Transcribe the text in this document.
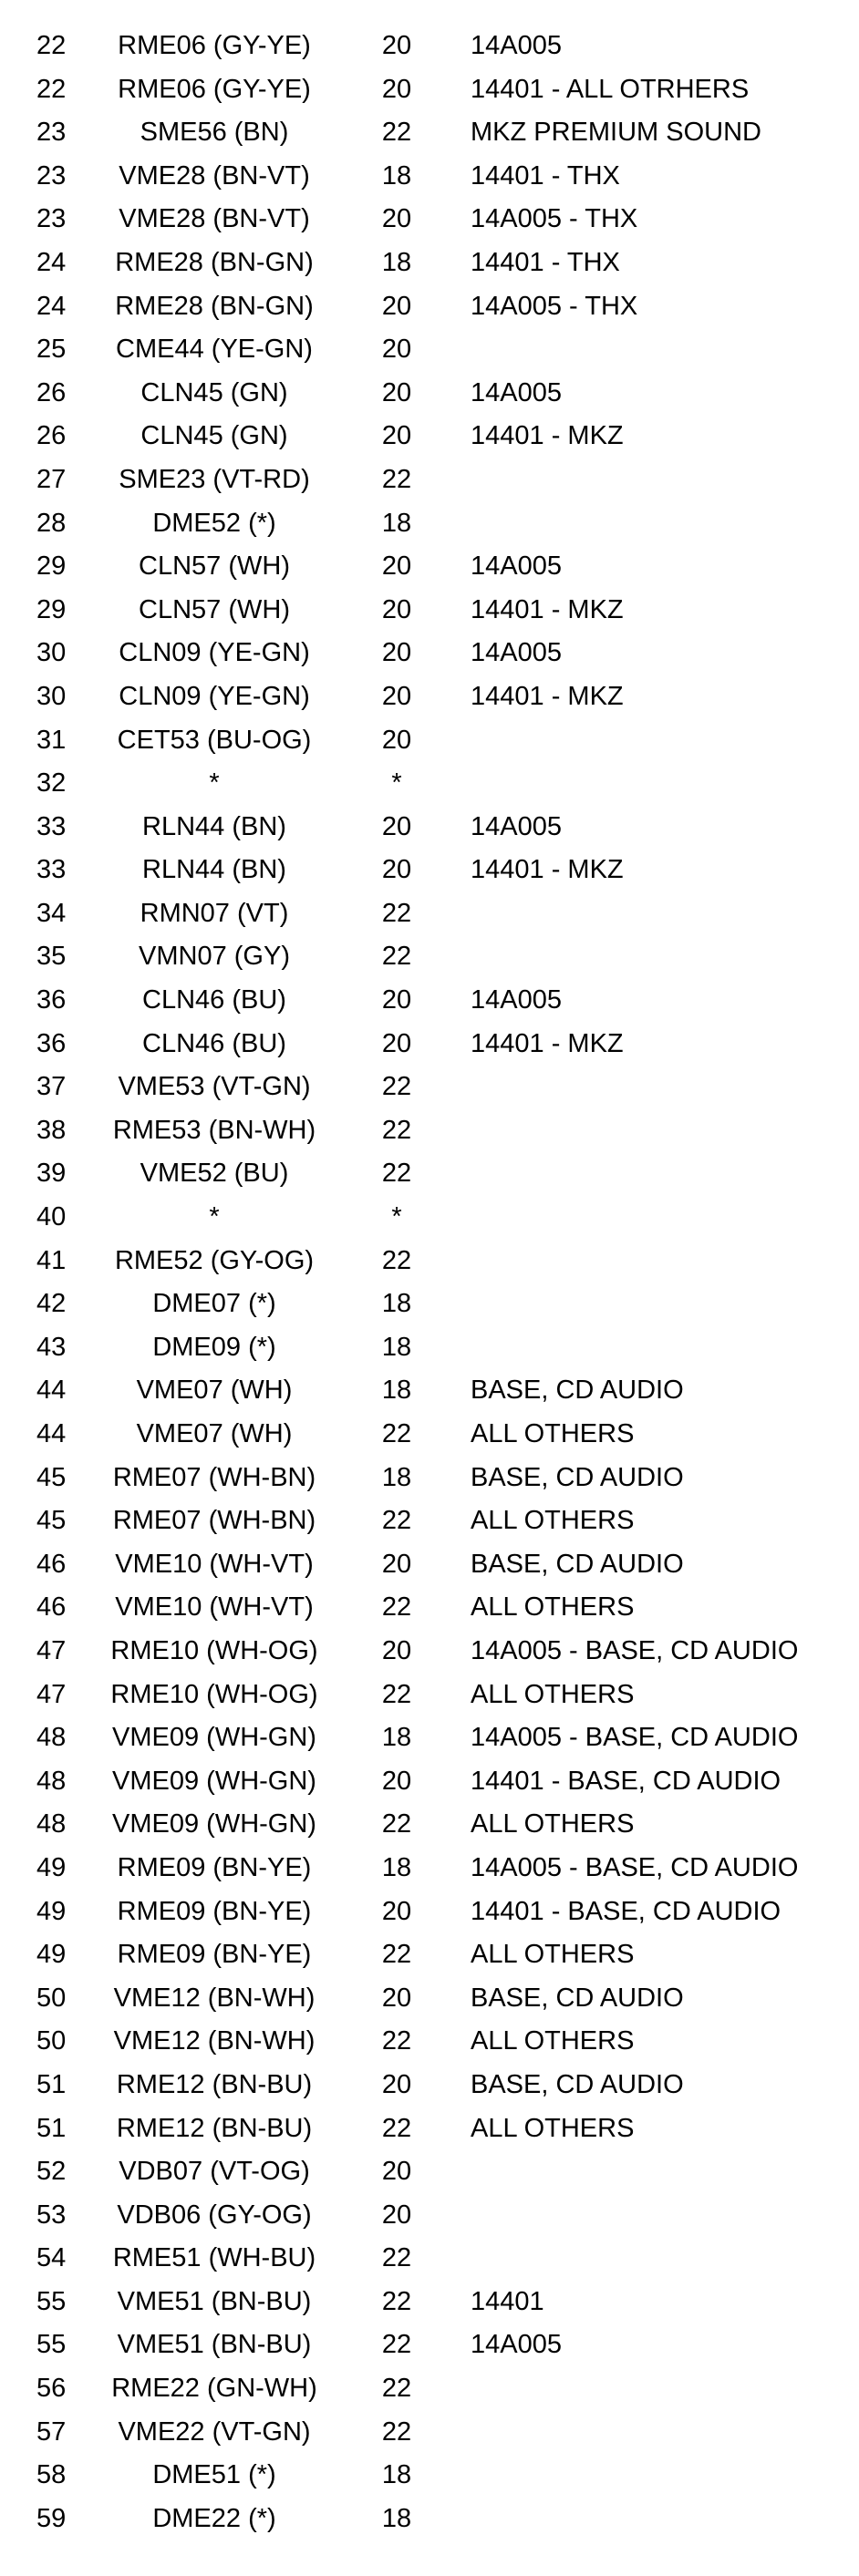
22	RME06 (GY-YE)	20	14A005
22	RME06 (GY-YE)	20	14401 - ALL OTRHERS
23	SME56 (BN)	22	MKZ PREMIUM SOUND
23	VME28 (BN-VT)	18	14401 - THX
23	VME28 (BN-VT)	20	14A005 - THX
24	RME28 (BN-GN)	18	14401 - THX
24	RME28 (BN-GN)	20	14A005 - THX
25	CME44 (YE-GN)	20
26	CLN45 (GN)	20	14A005
26	CLN45 (GN)	20	14401 - MKZ
27	SME23 (VT-RD)	22
28	DME52 (*)	18
29	CLN57 (WH)	20	14A005
29	CLN57 (WH)	20	14401 - MKZ
30	CLN09 (YE-GN)	20	14A005
30	CLN09 (YE-GN)	20	14401 - MKZ
31	CET53 (BU-OG)	20
32	*	*
33	RLN44 (BN)	20	14A005
33	RLN44 (BN)	20	14401 - MKZ
34	RMN07 (VT)	22
35	VMN07 (GY)	22
36	CLN46 (BU)	20	14A005
36	CLN46 (BU)	20	14401 - MKZ
37	VME53 (VT-GN)	22
38	RME53 (BN-WH)	22
39	VME52 (BU)	22
40	*	*
41	RME52 (GY-OG)	22
42	DME07 (*)	18
43	DME09 (*)	18
44	VME07 (WH)	18	BASE, CD AUDIO
44	VME07 (WH)	22	ALL OTHERS
45	RME07 (WH-BN)	18	BASE, CD AUDIO
45	RME07 (WH-BN)	22	ALL OTHERS
46	VME10 (WH-VT)	20	BASE, CD AUDIO
46	VME10 (WH-VT)	22	ALL OTHERS
47	RME10 (WH-OG)	20	14A005 - BASE, CD AUDIO
47	RME10 (WH-OG)	22	ALL OTHERS
48	VME09 (WH-GN)	18	14A005 - BASE, CD AUDIO
48	VME09 (WH-GN)	20	14401 - BASE, CD AUDIO
48	VME09 (WH-GN)	22	ALL OTHERS
49	RME09 (BN-YE)	18	14A005 - BASE, CD AUDIO
49	RME09 (BN-YE)	20	14401 - BASE, CD AUDIO
49	RME09 (BN-YE)	22	ALL OTHERS
50	VME12 (BN-WH)	20	BASE, CD AUDIO
50	VME12 (BN-WH)	22	ALL OTHERS
51	RME12 (BN-BU)	20	BASE, CD AUDIO
51	RME12 (BN-BU)	22	ALL OTHERS
52	VDB07 (VT-OG)	20
53	VDB06 (GY-OG)	20
54	RME51 (WH-BU)	22
55	VME51 (BN-BU)	22	14401
55	VME51 (BN-BU)	22	14A005
56	RME22 (GN-WH)	22
57	VME22 (VT-GN)	22
58	DME51 (*)	18
59	DME22 (*)	18
